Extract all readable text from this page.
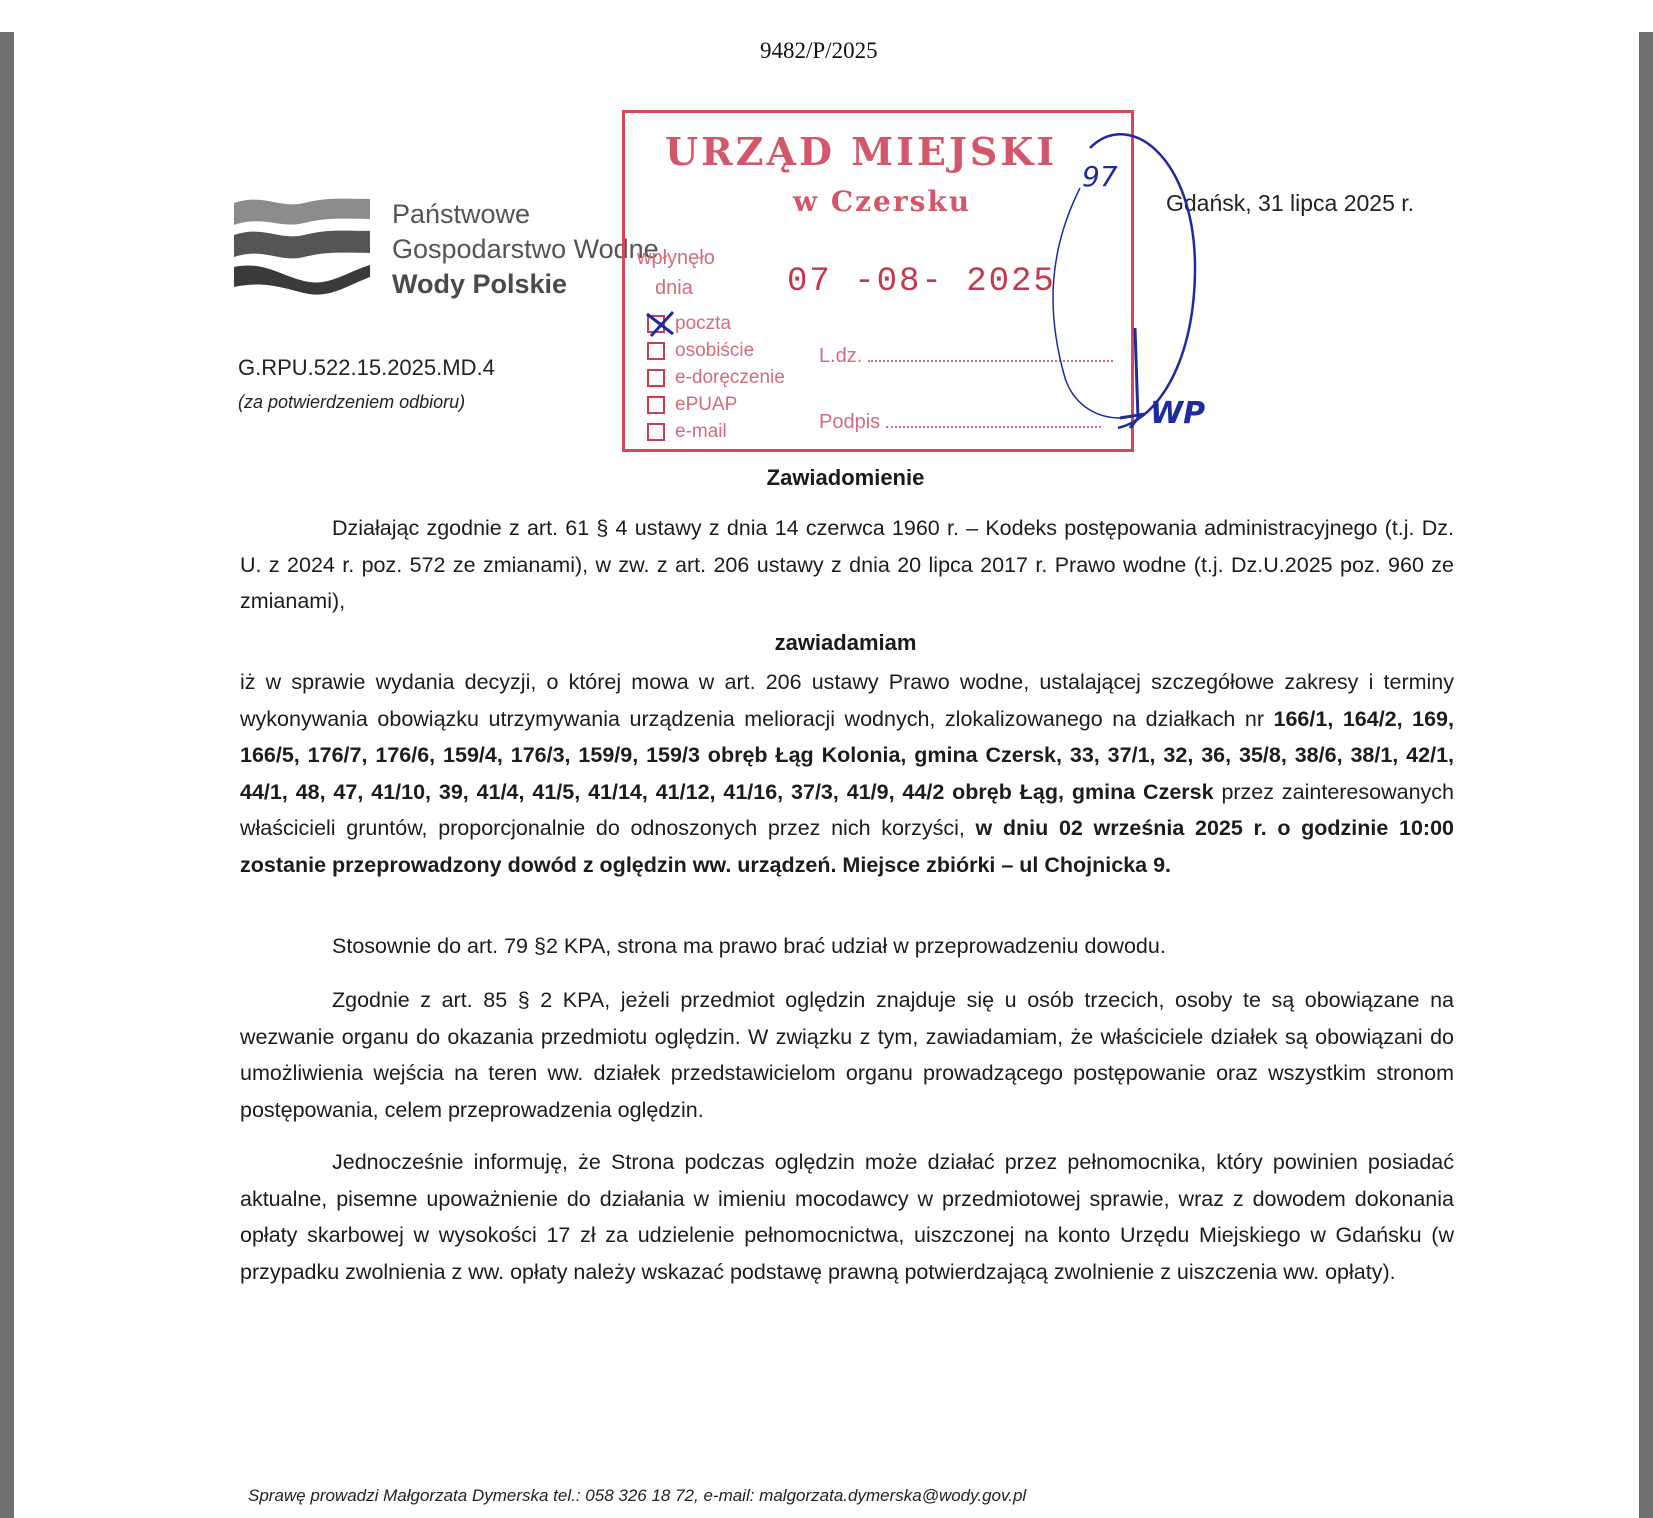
9482/P/2025
Państwowe
Gospodarstwo Wodne
Wody Polskie
Gdańsk, 31 lipca 2025 r.
G.RPU.522.15.2025.MD.4
(za potwierdzeniem odbioru)
URZĄD MIEJSKI
w Czersku
wpłynęło
dnia	07 -08- 2025
poczta
osobiście
e-doręczenie
ePUAP
e-mail
L.dz.
Podpis
97
WP
Zawiadomienie
Działając zgodnie z art. 61 § 4 ustawy z dnia 14 czerwca 1960 r. – Kodeks postępowania administracyjnego (t.j. Dz. U. z 2024 r. poz. 572 ze zmianami), w zw. z art. 206 ustawy z dnia 20 lipca 2017 r. Prawo wodne (t.j. Dz.U.2025 poz. 960 ze zmianami),
zawiadamiam
iż w sprawie wydania decyzji, o której mowa w art. 206 ustawy Prawo wodne, ustalającej szczegółowe zakresy i terminy wykonywania obowiązku utrzymywania urządzenia melioracji wodnych, zlokalizowanego na działkach nr 166/1, 164/2, 169, 166/5, 176/7, 176/6, 159/4, 176/3, 159/9, 159/3 obręb Łąg Kolonia, gmina Czersk, 33, 37/1, 32, 36, 35/8, 38/6, 38/1, 42/1, 44/1, 48, 47, 41/10, 39, 41/4, 41/5, 41/14, 41/12, 41/16, 37/3, 41/9, 44/2 obręb Łąg, gmina Czersk przez zainteresowanych właścicieli gruntów, proporcjonalnie do odnoszonych przez nich korzyści, w dniu 02 września 2025 r. o godzinie 10:00 zostanie przeprowadzony dowód z oględzin ww. urządzeń. Miejsce zbiórki – ul Chojnicka 9.
Stosownie do art. 79 §2 KPA, strona ma prawo brać udział w przeprowadzeniu dowodu.
Zgodnie z art. 85 § 2 KPA, jeżeli przedmiot oględzin znajduje się u osób trzecich, osoby te są obowiązane na wezwanie organu do okazania przedmiotu oględzin. W związku z tym, zawiadamiam, że właściciele działek są obowiązani do umożliwienia wejścia na teren ww. działek przedstawicielom organu prowadzącego postępowanie oraz wszystkim stronom postępowania, celem przeprowadzenia oględzin.
Jednocześnie informuję, że Strona podczas oględzin może działać przez pełnomocnika, który powinien posiadać aktualne, pisemne upoważnienie do działania w imieniu mocodawcy w przedmiotowej sprawie, wraz z dowodem dokonania opłaty skarbowej w wysokości 17 zł za udzielenie pełnomocnictwa, uiszczonej na konto Urzędu Miejskiego w Gdańsku (w przypadku zwolnienia z ww. opłaty należy wskazać podstawę prawną potwierdzającą zwolnienie z uiszczenia ww. opłaty).
Sprawę prowadzi Małgorzata Dymerska tel.: 058 326 18 72, e-mail: malgorzata.dymerska@wody.gov.pl
